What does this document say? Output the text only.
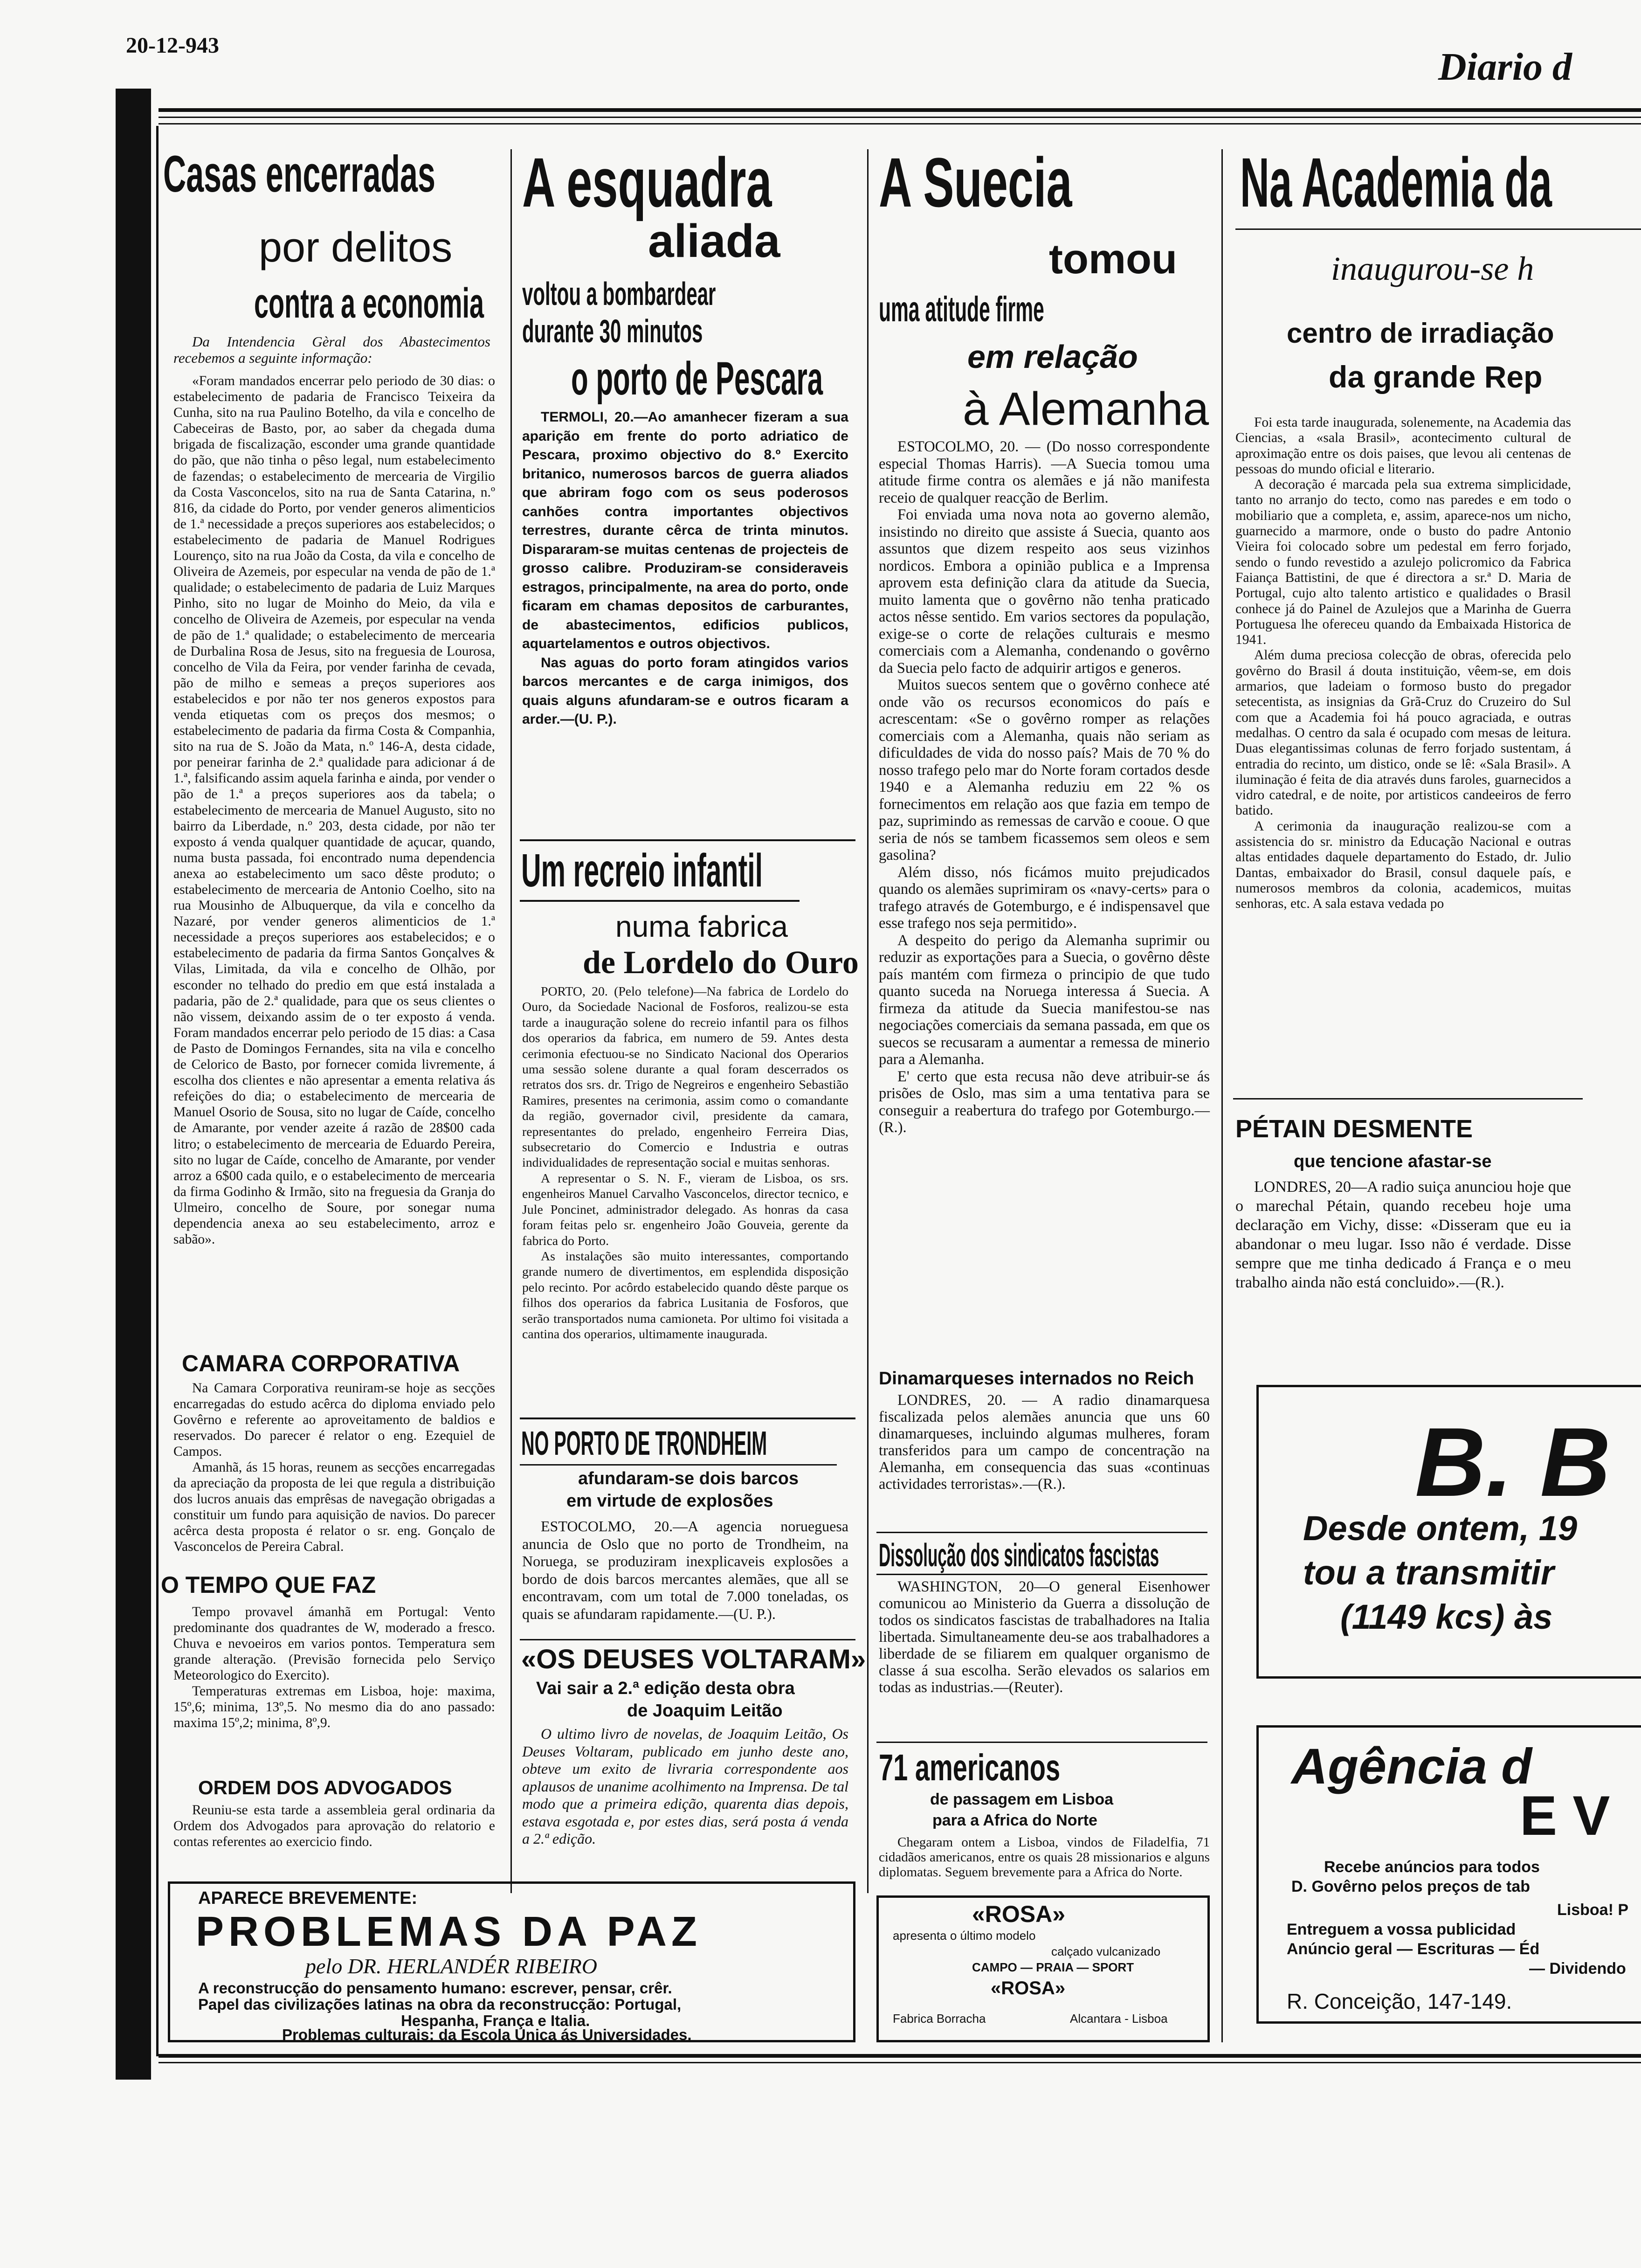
20-12-943	Diario d
Casas encerradas
por delitos
contra a economia

Da Intendencia Gèral dos Abastecimentos recebemos a seguinte informação:

«Foram mandados encerrar pelo periodo de 30 dias: o estabelecimento de padaria de Francisco Teixeira da Cunha, sito na rua Paulino Botelho, da vila e concelho de Cabeceiras de Basto, por, ao saber da chegada duma brigada de fiscalização, esconder uma grande quantidade do pão, que não tinha o pêso legal, num estabelecimento de fazendas; o estabelecimento de mercearia de Virgilio da Costa Vasconcelos, sito na rua de Santa Catarina, n.º 816, da cidade do Porto, por vender generos alimenticios de 1.ª necessidade a preços superiores aos estabelecidos; o estabelecimento de padaria de Manuel Rodrigues Lourenço, sito na rua João da Costa, da vila e concelho de Oliveira de Azemeis, por especular na venda de pão de 1.ª qualidade; o estabelecimento de padaria de Luiz Marques Pinho, sito no lugar de Moinho do Meio, da vila e concelho de Oliveira de Azemeis, por especular na venda de pão de 1.ª qualidade; o estabelecimento de mercearia de Durbalina Rosa de Jesus, sito na freguesia de Lourosa, concelho de Vila da Feira, por vender farinha de cevada, pão de milho e semeas a preços superiores aos estabelecidos e por não ter nos generos expostos para venda etiquetas com os preços dos mesmos; o estabelecimento de padaria da firma Costa & Companhia, sito na rua de S. João da Mata, n.º 146-A, desta cidade, por peneirar farinha de 2.ª qualidade para adicionar á de 1.ª, falsificando assim aquela farinha e ainda, por vender o pão de 1.ª a preços superiores aos da tabela; o estabelecimento de mercearia de Manuel Augusto, sito no bairro da Liberdade, n.º 203, desta cidade, por não ter exposto á venda qualquer quantidade de açucar, quando, numa busta passada, foi encontrado numa dependencia anexa ao estabelecimento um saco dêste produto; o estabelecimento de mercearia de Antonio Coelho, sito na rua Mousinho de Albuquerque, da vila e concelho da Nazaré, por vender generos alimenticios de 1.ª necessidade a preços superiores aos estabelecidos; e o estabelecimento de padaria da firma Santos Gonçalves & Vilas, Limitada, da vila e concelho de Olhão, por esconder no telhado do predio em que está instalada a padaria, pão de 2.ª qualidade, para que os seus clientes o não vissem, deixando assim de o ter exposto á venda. Foram mandados encerrar pelo periodo de 15 dias: a Casa de Pasto de Domingos Fernandes, sita na vila e concelho de Celorico de Basto, por fornecer comida livremente, á escolha dos clientes e não apresentar a ementa relativa ás refeições do dia; o estabelecimento de mercearia de Manuel Osorio de Sousa, sito no lugar de Caíde, concelho de Amarante, por vender azeite á razão de 28$00 cada litro; o estabelecimento de mercearia de Eduardo Pereira, sito no lugar de Caíde, concelho de Amarante, por vender arroz a 6$00 cada quilo, e o estabelecimento de mercearia da firma Godinho & Irmão, sito na freguesia da Granja do Ulmeiro, concelho de Soure, por sonegar numa dependencia anexa ao seu estabelecimento, arroz e sabão».

CAMARA CORPORATIVA

Na Camara Corporativa reuniram-se hoje as secções encarregadas do estudo acêrca do diploma enviado pelo Govêrno e referente ao aproveitamento de baldios e reservados. Do parecer é relator o eng. Ezequiel de Campos.

Amanhã, ás 15 horas, reunem as secções encarregadas da apreciação da proposta de lei que regula a distribuição dos lucros anuais das emprêsas de navegação obrigadas a constituir um fundo para aquisição de navios. Do parecer acêrca desta proposta é relator o sr. eng. Gonçalo de Vasconcelos de Pereira Cabral.

O TEMPO QUE FAZ

Tempo provavel ámanhã em Portugal: Vento predominante dos quadrantes de W, moderado a fresco. Chuva e nevoeiros em varios pontos. Temperatura sem grande alteração. (Previsão fornecida pelo Serviço Meteorologico do Exercito).

Temperaturas extremas em Lisboa, hoje: maxima, 15º,6; minima, 13º,5. No mesmo dia do ano passado: maxima 15º,2; minima, 8º,9.

ORDEM DOS ADVOGADOS

Reuniu-se esta tarde a assembleia geral ordinaria da Ordem dos Advogados para aprovação do relatorio e contas referentes ao exercicio findo.

A esquadra
aliada
voltou a bombardear
durante 30 minutos
o porto de Pescara

TERMOLI, 20.—Ao amanhecer fizeram a sua aparição em frente do porto adriatico de Pescara, proximo objectivo do 8.º Exercito britanico, numerosos barcos de guerra aliados que abriram fogo com os seus poderosos canhões contra importantes objectivos terrestres, durante cêrca de trinta minutos. Dispararam-se muitas centenas de projecteis de grosso calibre. Produziram-se consideraveis estragos, principalmente, na area do porto, onde ficaram em chamas depositos de carburantes, de abastecimentos, edificios publicos, aquartelamentos e outros objectivos.

Nas aguas do porto foram atingidos varios barcos mercantes e de carga inimigos, dos quais alguns afundaram-se e outros ficaram a arder.—(U. P.).

Um recreio infantil
numa fabrica
de Lordelo do Ouro

PORTO, 20. (Pelo telefone)—Na fabrica de Lordelo do Ouro, da Sociedade Nacional de Fosforos, realizou-se esta tarde a inauguração solene do recreio infantil para os filhos dos operarios da fabrica, em numero de 59. Antes desta cerimonia efectuou-se no Sindicato Nacional dos Operarios uma sessão solene durante a qual foram descerrados os retratos dos srs. dr. Trigo de Negreiros e engenheiro Sebastião Ramires, presentes na cerimonia, assim como o comandante da região, governador civil, presidente da camara, representantes do prelado, engenheiro Ferreira Dias, subsecretario do Comercio e Industria e outras individualidades de representação social e muitas senhoras.

A representar o S. N. F., vieram de Lisboa, os srs. engenheiros Manuel Carvalho Vasconcelos, director tecnico, e Jule Poncinet, administrador delegado. As honras da casa foram feitas pelo sr. engenheiro João Gouveia, gerente da fabrica do Porto.

As instalações são muito interessantes, comportando grande numero de divertimentos, em esplendida disposição pelo recinto. Por acôrdo estabelecido quando dêste parque os filhos dos operarios da fabrica Lusitania de Fosforos, que serão transportados numa camioneta. Por ultimo foi visitada a cantina dos operarios, ultimamente inaugurada.

NO PORTO DE TRONDHEIM
afundaram-se dois barcos
em virtude de explosões

ESTOCOLMO, 20.—A agencia norueguesa anuncia de Oslo que no porto de Trondheim, na Noruega, se produziram inexplicaveis explosões a bordo de dois barcos mercantes alemães, que all se encontravam, com um total de 7.000 toneladas, os quais se afundaram rapidamente.—(U. P.).

«OS DEUSES VOLTARAM»
Vai sair a 2.ª edição desta obra
de Joaquim Leitão

O ultimo livro de novelas, de Joaquim Leitão, Os Deuses Voltaram, publicado em junho deste ano, obteve um exito de livraria correspondente aos aplausos de unanime acolhimento na Imprensa. De tal modo que a primeira edição, quarenta dias depois, estava esgotada e, por estes dias, será posta á venda a 2.ª edição.

A Suecia
tomou
uma atitude firme
em relação
à Alemanha

ESTOCOLMO, 20. — (Do nosso correspondente especial Thomas Harris). —A Suecia tomou uma atitude firme contra os alemães e já não manifesta receio de qualquer reacção de Berlim.

Foi enviada uma nova nota ao governo alemão, insistindo no direito que assiste á Suecia, quanto aos assuntos que dizem respeito aos seus vizinhos nordicos. Embora a opinião publica e a Imprensa aprovem esta definição clara da atitude da Suecia, muito lamenta que o govêrno não tenha praticado actos nêsse sentido. Em varios sectores da população, exige-se o corte de relações culturais e mesmo comerciais com a Alemanha, condenando o govêrno da Suecia pelo facto de adquirir artigos e generos.

Muitos suecos sentem que o govêrno conhece até onde vão os recursos economicos do país e acrescentam: «Se o govêrno romper as relações comerciais com a Alemanha, quais não seriam as dificuldades de vida do nosso país? Mais de 70 % do nosso trafego pelo mar do Norte foram cortados desde 1940 e a Alemanha reduziu em 22 % os fornecimentos em relação aos que fazia em tempo de paz, suprimindo as remessas de carvão e cooue. O que seria de nós se tambem ficassemos sem oleos e sem gasolina?

Além disso, nós ficámos muito prejudicados quando os alemães suprimiram os «navy-certs» para o trafego através de Gotemburgo, e é indispensavel que esse trafego nos seja permitido».

A despeito do perigo da Alemanha suprimir ou reduzir as exportações para a Suecia, o govêrno dêste país mantém com firmeza o principio de que tudo quanto suceda na Noruega interessa á Suecia. A firmeza da atitude da Suecia manifestou-se nas negociações comerciais da semana passada, em que os suecos se recusaram a aumentar a remessa de minerio para a Alemanha.

E' certo que esta recusa não deve atribuir-se ás prisões de Oslo, mas sim a uma tentativa para se conseguir a reabertura do trafego por Gotemburgo.—(R.).

Dinamarqueses internados no Reich

LONDRES, 20. — A radio dinamarquesa fiscalizada pelos alemães anuncia que uns 60 dinamarqueses, incluindo algumas mulheres, foram transferidos para um campo de concentração na Alemanha, em consequencia das suas «continuas actividades terroristas».—(R.).

Dissolução dos sindicatos fascistas

WASHINGTON, 20—O general Eisenhower comunicou ao Ministerio da Guerra a dissolução de todos os sindicatos fascistas de trabalhadores na Italia libertada. Simultaneamente deu-se aos trabalhadores a liberdade de se filiarem em qualquer organismo de classe á sua escolha. Serão elevados os salarios em todas as industrias.—(Reuter).

71 americanos
de passagem em Lisboa
para a Africa do Norte

Chegaram ontem a Lisboa, vindos de Filadelfia, 71 cidadãos americanos, entre os quais 28 missionarios e alguns diplomatas. Seguem brevemente para a Africa do Norte.

«ROSA»
apresenta o último modelo
calçado vulcanizado
CAMPO — PRAIA — SPORT
«ROSA»
Fabrica Borracha	Alcantara - Lisboa
Na Academia da
inaugurou-se h
centro de irradiação
da grande Rep

Foi esta tarde inaugurada, solenemente, na Academia das Ciencias, a «sala Brasil», acontecimento cultural de aproximação entre os dois paises, que levou ali centenas de pessoas do mundo oficial e literario.

A decoração é marcada pela sua extrema simplicidade, tanto no arranjo do tecto, como nas paredes e em todo o mobiliario que a completa, e, assim, aparece-nos um nicho, guarnecido a marmore, onde o busto do padre Antonio Vieira foi colocado sobre um pedestal em ferro forjado, sendo o fundo revestido a azulejo policromico da Fabrica Faiança Battistini, de que é directora a sr.ª D. Maria de Portugal, cujo alto talento artistico e qualidades o Brasil conhece já do Painel de Azulejos que a Marinha de Guerra Portuguesa lhe ofereceu quando da Embaixada Historica de 1941.

Além duma preciosa colecção de obras, oferecida pelo govêrno do Brasil á douta instituição, vêem-se, em dois armarios, que ladeiam o formoso busto do pregador setecentista, as insignias da Grã-Cruz do Cruzeiro do Sul com que a Academia foi há pouco agraciada, e outras medalhas. O centro da sala é ocupado com mesas de leitura. Duas elegantissimas colunas de ferro forjado sustentam, á entradia do recinto, um distico, onde se lê: «Sala Brasil». A iluminação é feita de dia através duns faroles, guarnecidos a vidro catedral, e de noite, por artisticos candeeiros de ferro batido.

A cerimonia da inauguração realizou-se com a assistencia do sr. ministro da Educação Nacional e outras altas entidades daquele departamento do Estado, dr. Julio Dantas, embaixador do Brasil, consul daquele país, e numerosos membros da colonia, academicos, muitas senhoras, etc. A sala estava vedada po

PÉTAIN DESMENTE
que tencione afastar-se

LONDRES, 20—A radio suiça anunciou hoje que o marechal Pétain, quando recebeu hoje uma declaração em Vichy, disse: «Disseram que eu ia abandonar o meu lugar. Isso não é verdade. Disse sempre que me tinha dedicado á França e o meu trabalho ainda não está concluido».—(R.).

B. B
Desde ontem, 19
tou a transmitir
(1149 kcs) às
Agência d
E V
Recebe anúncios para todos
D. Govêrno pelos preços de tab
Lisboa! P
Entreguem a vossa publicidad
Anúncio geral — Escrituras — Éd
— Dividendo
R. Conceição, 147-149.
APARECE BREVEMENTE:
PROBLEMAS DA PAZ
pelo DR. HERLANDÉR RIBEIRO
A reconstrucção do pensamento humano: escrever, pensar, crêr.
Papel das civilizações latinas na obra da reconstrucção: Portugal,
Hespanha, França e Italia.
Problemas culturais: da Escola Unica ás Universidades.
